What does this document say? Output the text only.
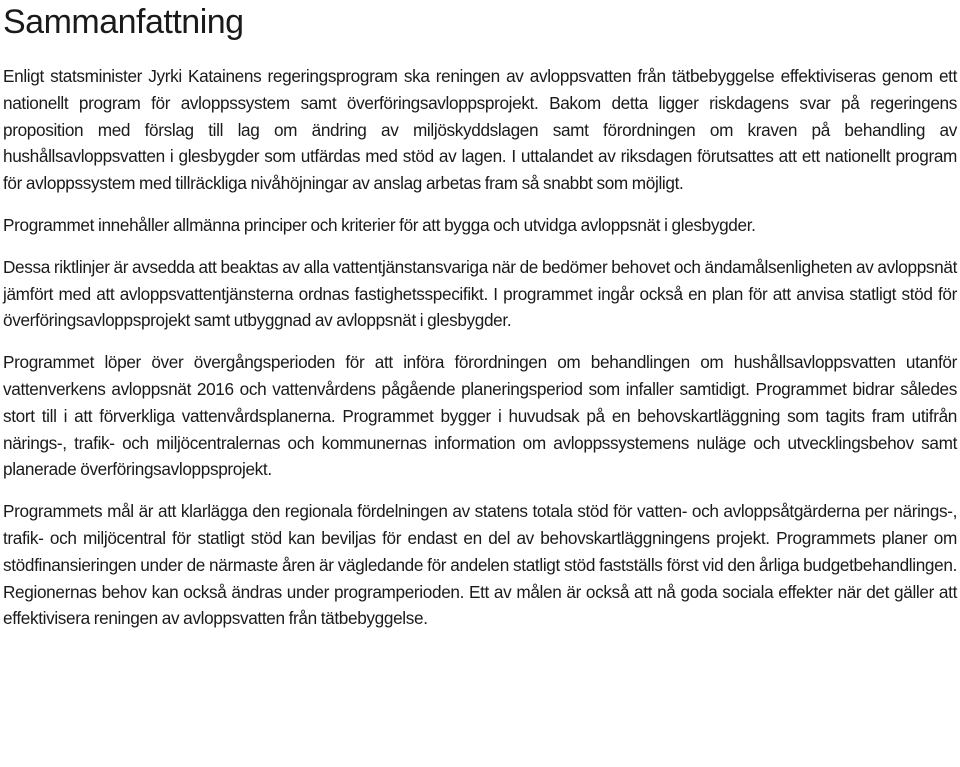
Sammanfattning

Enligt statsminister Jyrki Katainens regeringsprogram ska reningen av avloppsvatten från tätbebyggelse effektiviseras genom ett nationellt program för avloppssystem samt överföringsavloppsprojekt. Bakom detta ligger riskdagens svar på regeringens proposition med förslag till lag om ändring av miljöskyddslagen samt förordningen om kraven på behandling av hushållsavloppsvatten i glesbygder som utfärdas med stöd av lagen. I uttalandet av riksdagen förutsattes att ett nationellt program för avloppssystem med tillräckliga nivåhöjningar av anslag arbetas fram så snabbt som möjligt.

Programmet innehåller allmänna principer och kriterier för att bygga och utvidga avloppsnät i glesbygder.

Dessa riktlinjer är avsedda att beaktas av alla vattentjänstansvariga när de bedömer behovet och ändamålsenligheten av avloppsnät jämfört med att avloppsvattentjänsterna ordnas fastighetsspecifikt. I programmet ingår också en plan för att anvisa statligt stöd för överföringsavloppsprojekt samt utbyggnad av avloppsnät i glesbygder.

Programmet löper över övergångsperioden för att införa förordningen om behandlingen om hushållsavloppsvatten utanför vattenverkens avloppsnät 2016 och vattenvårdens pågående planeringsperiod som infaller samtidigt. Programmet bidrar således stort till i att förverkliga vattenvårdsplanerna. Programmet bygger i huvudsak på en behovskartläggning som tagits fram utifrån närings-, trafik- och miljöcentralernas och kommunernas information om avloppssystemens nuläge och utvecklingsbehov samt planerade överföringsavloppsprojekt.

Programmets mål är att klarlägga den regionala fördelningen av statens totala stöd för vatten- och avloppsåtgärderna per närings-, trafik- och miljöcentral för statligt stöd kan beviljas för endast en del av behovskartläggningens projekt. Programmets planer om stödfinansieringen under de närmaste åren är vägledande för andelen statligt stöd fastställs först vid den årliga budgetbehandlingen. Regionernas behov kan också ändras under programperioden. Ett av målen är också att nå goda sociala effekter när det gäller att effektivisera reningen av avloppsvatten från tätbebyggelse.
